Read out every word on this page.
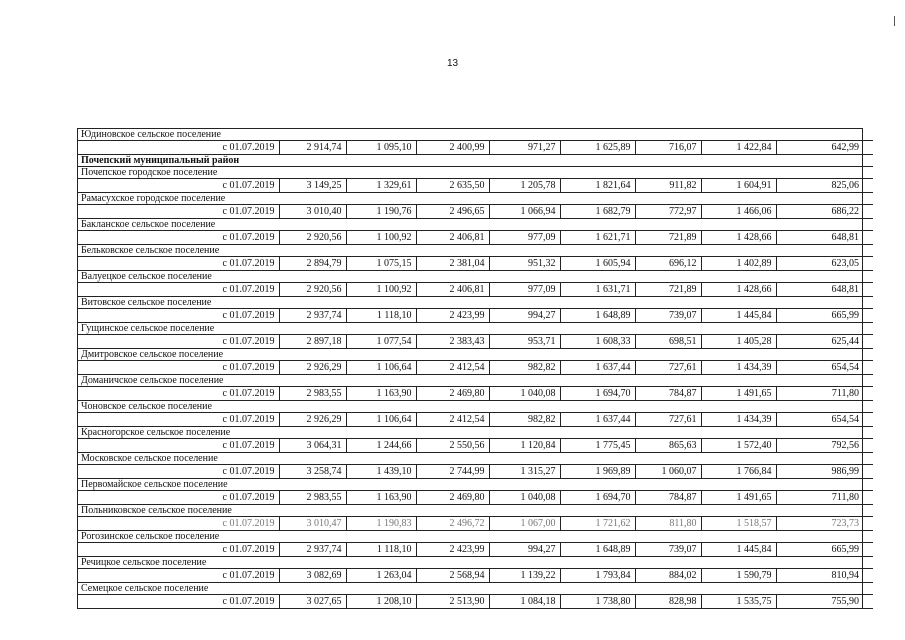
13
Юдиновское сельское поселение								
с 01.07.2019	2 914,74	1 095,10	2 400,99	971,27	1 625,89	716,07	1 422,84	642,99
Почепский муниципальный район								
Почепское городское поселение								
с 01.07.2019	3 149,25	1 329,61	2 635,50	1 205,78	1 821,64	911,82	1 604,91	825,06
Рамасухское городское поселение								
с 01.07.2019	3 010,40	1 190,76	2 496,65	1 066,94	1 682,79	772,97	1 466,06	686,22
Бакланское сельское поселение								
с 01.07.2019	2 920,56	1 100,92	2 406,81	977,09	1 621,71	721,89	1 428,66	648,81
Бельковское сельское поселение								
с 01.07.2019	2 894,79	1 075,15	2 381,04	951,32	1 605,94	696,12	1 402,89	623,05
Валуецкое сельское поселение								
с 01.07.2019	2 920,56	1 100,92	2 406,81	977,09	1 631,71	721,89	1 428,66	648,81
Витовское сельское поселение								
с 01.07.2019	2 937,74	1 118,10	2 423,99	994,27	1 648,89	739,07	1 445,84	665,99
Гущинское сельское поселение								
с 01.07.2019	2 897,18	1 077,54	2 383,43	953,71	1 608,33	698,51	1 405,28	625,44
Дмитровское сельское поселение								
с 01.07.2019	2 926,29	1 106,64	2 412,54	982,82	1 637,44	727,61	1 434,39	654,54
Доманичское сельское поселение								
с 01.07.2019	2 983,55	1 163,90	2 469,80	1 040,08	1 694,70	784,87	1 491,65	711,80
Чоновское сельское поселение								
с 01.07.2019	2 926,29	1 106,64	2 412,54	982,82	1 637,44	727,61	1 434,39	654,54
Красногорское сельское поселение								
с 01.07.2019	3 064,31	1 244,66	2 550,56	1 120,84	1 775,45	865,63	1 572,40	792,56
Московское сельское поселение								
с 01.07.2019	3 258,74	1 439,10	2 744,99	1 315,27	1 969,89	1 060,07	1 766,84	986,99
Первомайское сельское поселение								
с 01.07.2019	2 983,55	1 163,90	2 469,80	1 040,08	1 694,70	784,87	1 491,65	711,80
Польниковское сельское поселение								
с 01.07.2019	3 010,47	1 190,83	2 496,72	1 067,00	1 721,62	811,80	1 518,57	723,73
Рогозинское сельское поселение								
с 01.07.2019	2 937,74	1 118,10	2 423,99	994,27	1 648,89	739,07	1 445,84	665,99
Речицкое сельское поселение								
с 01.07.2019	3 082,69	1 263,04	2 568,94	1 139,22	1 793,84	884,02	1 590,79	810,94
Семецкое сельское поселение								
с 01.07.2019	3 027,65	1 208,10	2 513,90	1 084,18	1 738,80	828,98	1 535,75	755,90
